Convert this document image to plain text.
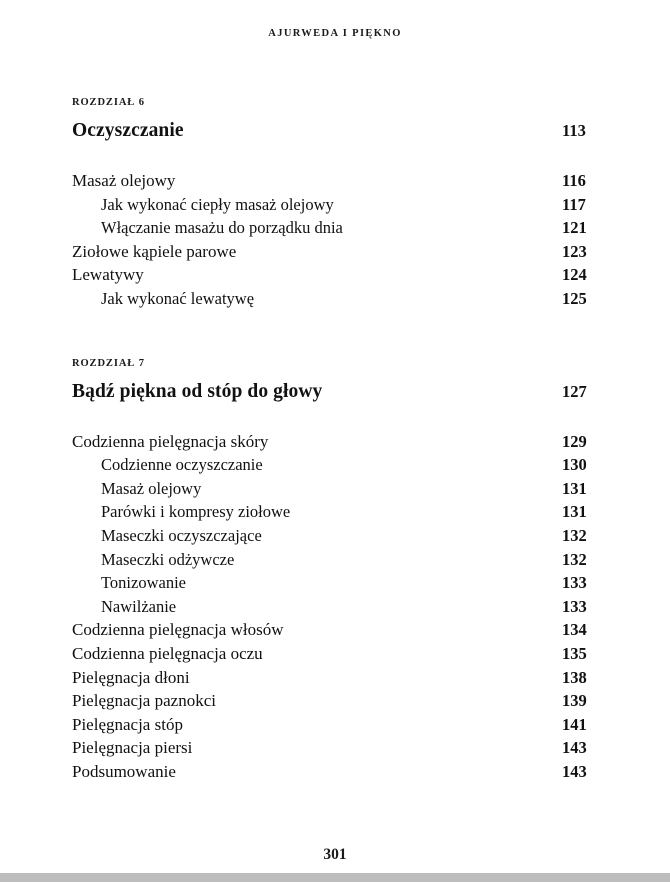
AJURWEDA I PIĘKNO
ROZDZIAŁ 6
Oczyszczanie	113
Masaż olejowy	116
Jak wykonać ciepły masaż olejowy	117
Włączanie masażu do porządku dnia	121
Ziołowe kąpiele parowe	123
Lewatywy	124
Jak wykonać lewatywę	125
ROZDZIAŁ 7
Bądź piękna od stóp do głowy	127
Codzienna pielęgnacja skóry	129
Codzienne oczyszczanie	130
Masaż olejowy	131
Parówki i kompresy ziołowe	131
Maseczki oczyszczające	132
Maseczki odżywcze	132
Tonizowanie	133
Nawilżanie	133
Codzienna pielęgnacja włosów	134
Codzienna pielęgnacja oczu	135
Pielęgnacja dłoni	138
Pielęgnacja paznokci	139
Pielęgnacja stóp	141
Pielęgnacja piersi	143
Podsumowanie	143
301
